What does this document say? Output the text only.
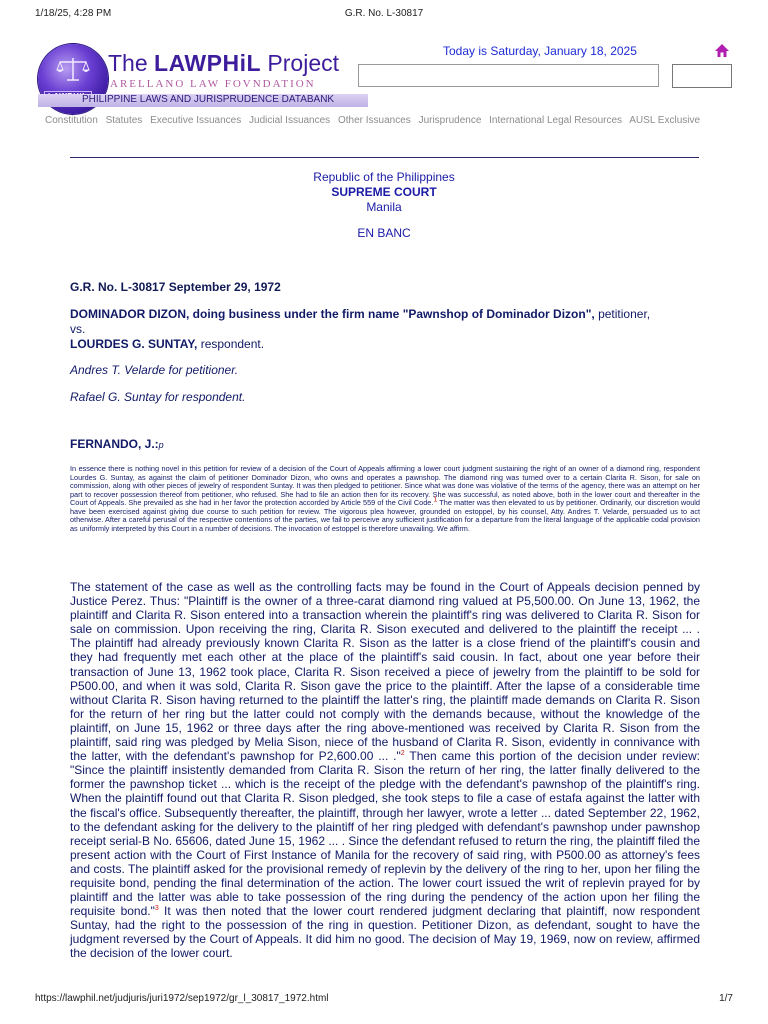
1/18/25, 4:28 PM	G.R. No. L-30817
The LAWPHiL Project
ARELLANO LAW FOVNDATION
PHILIPPINE LAWS AND JURISPRUDENCE DATABANK
Today is Saturday, January 18, 2025
Constitution Statutes Executive Issuances Judicial Issuances Other Issuances Jurisprudence International Legal Resources AUSL Exclusive
Republic of the Philippines
SUPREME COURT
Manila
EN BANC
G.R. No. L-30817 September 29, 1972
DOMINADOR DIZON, doing business under the firm name "Pawnshop of Dominador Dizon", petitioner,
vs.
LOURDES G. SUNTAY, respondent.
Andres T. Velarde for petitioner.
Rafael G. Suntay for respondent.
FERNANDO, J.:p
In essence there is nothing novel in this petition for review of a decision of the Court of Appeals affirming a lower court judgment sustaining the right of an owner of a diamond ring, respondent Lourdes G. Suntay, as against the claim of petitioner Dominador Dizon, who owns and operates a pawnshop. The diamond ring was turned over to a certain Clarita R. Sison, for sale on commission, along with other pieces of jewelry of respondent Suntay. It was then pledged to petitioner. Since what was done was violative of the terms of the agency, there was an attempt on her part to recover possession thereof from petitioner, who refused. She had to file an action then for its recovery. She was successful, as noted above, both in the lower court and thereafter in the Court of Appeals. She prevailed as she had in her favor the protection accorded by Article 559 of the Civil Code.$^1$ The matter was then elevated to us by petitioner. Ordinarily, our discretion would have been exercised against giving due course to such petition for review. The vigorous plea however, grounded on estoppel, by his counsel, Atty. Andres T. Velarde, persuaded us to act otherwise. After a careful perusal of the respective contentions of the parties, we fail to perceive any sufficient justification for a departure from the literal language of the applicable codal provision as uniformly interpreted by this Court in a number of decisions. The invocation of estoppel is therefore unavailing. We affirm.
The statement of the case as well as the controlling facts may be found in the Court of Appeals decision penned by Justice Perez. Thus: "Plaintiff is the owner of a three-carat diamond ring valued at P5,500.00. On June 13, 1962, the plaintiff and Clarita R. Sison entered into a transaction wherein the plaintiff's ring was delivered to Clarita R. Sison for sale on commission. Upon receiving the ring, Clarita R. Sison executed and delivered to the plaintiff the receipt ... . The plaintiff had already previously known Clarita R. Sison as the latter is a close friend of the plaintiff's cousin and they had frequently met each other at the place of the plaintiff's said cousin. In fact, about one year before their transaction of June 13, 1962 took place, Clarita R. Sison received a piece of jewelry from the plaintiff to be sold for P500.00, and when it was sold, Clarita R. Sison gave the price to the plaintiff. After the lapse of a considerable time without Clarita R. Sison having returned to the plaintiff the latter's ring, the plaintiff made demands on Clarita R. Sison for the return of her ring but the latter could not comply with the demands because, without the knowledge of the plaintiff, on June 15, 1962 or three days after the ring above-mentioned was received by Clarita R. Sison from the plaintiff, said ring was pledged by Melia Sison, niece of the husband of Clarita R. Sison, evidently in connivance with the latter, with the defendant's pawnshop for P2,600.00 ... ."$^2$ Then came this portion of the decision under review: "Since the plaintiff insistently demanded from Clarita R. Sison the return of her ring, the latter finally delivered to the former the pawnshop ticket ... which is the receipt of the pledge with the defendant's pawnshop of the plaintiff's ring. When the plaintiff found out that Clarita R. Sison pledged, she took steps to file a case of estafa against the latter with the fiscal's office. Subsequently thereafter, the plaintiff, through her lawyer, wrote a letter ... dated September 22, 1962, to the defendant asking for the delivery to the plaintiff of her ring pledged with defendant's pawnshop under pawnshop receipt serial-B No. 65606, dated June 15, 1962 ... . Since the defendant refused to return the ring, the plaintiff filed the present action with the Court of First Instance of Manila for the recovery of said ring, with P500.00 as attorney's fees and costs. The plaintiff asked for the provisional remedy of replevin by the delivery of the ring to her, upon her filing the requisite bond, pending the final determination of the action. The lower court issued the writ of replevin prayed for by plaintiff and the latter was able to take possession of the ring during the pendency of the action upon her filing the requisite bond."$^3$ It was then noted that the lower court rendered judgment declaring that plaintiff, now respondent Suntay, had the right to the possession of the ring in question. Petitioner Dizon, as defendant, sought to have the judgment reversed by the Court of Appeals. It did him no good. The decision of May 19, 1969, now on review, affirmed the decision of the lower court.
https://lawphil.net/judjuris/juri1972/sep1972/gr_l_30817_1972.html	1/7
